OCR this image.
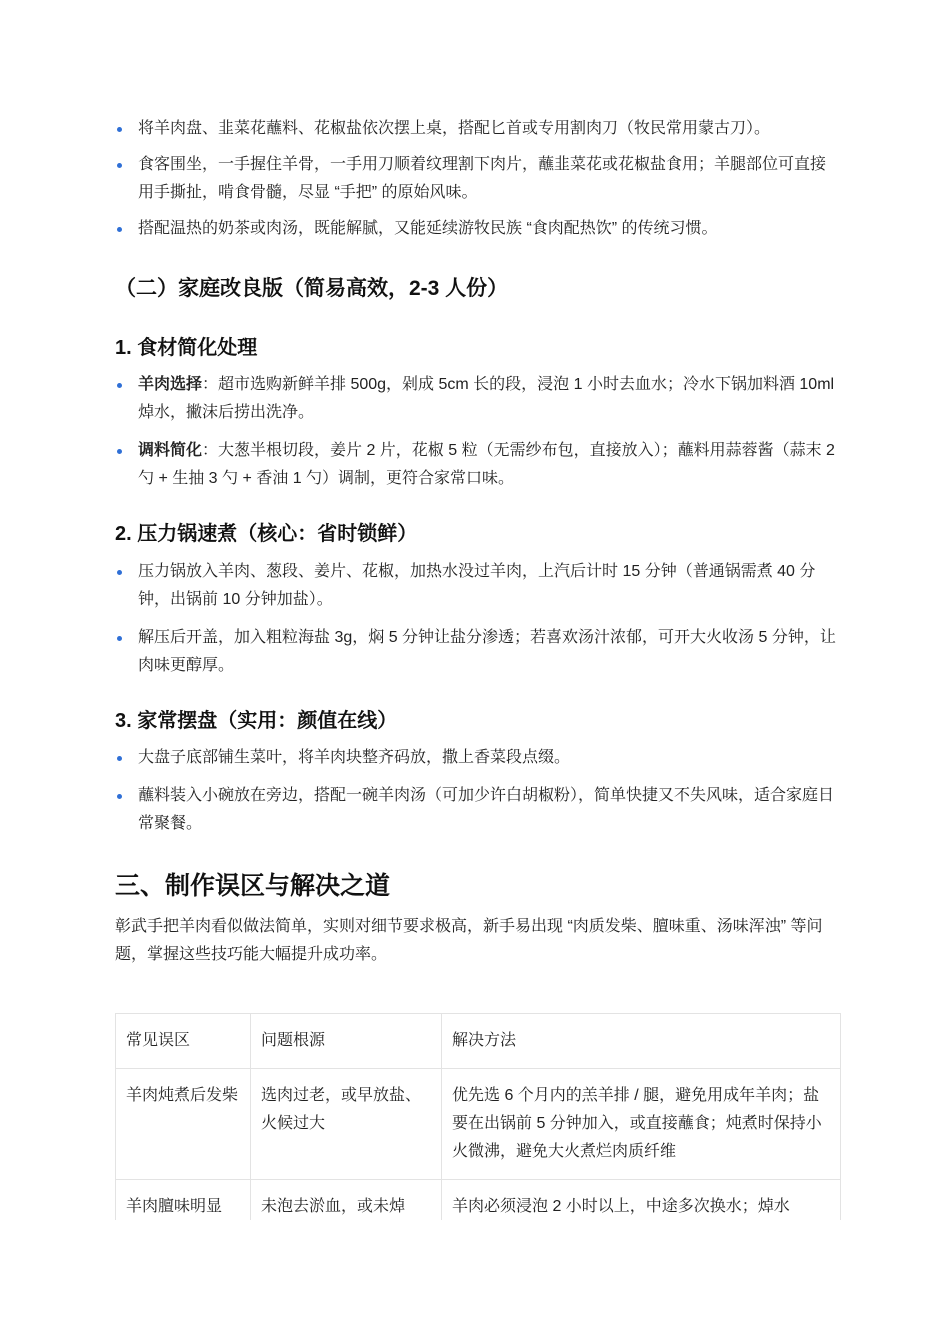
将羊肉盘、韭菜花蘸料、花椒盐依次摆上桌，搭配匕首或专用割肉刀（牧民常用蒙古刀）。
食客围坐，一手握住羊骨，一手用刀顺着纹理割下肉片，蘸韭菜花或花椒盐食用；羊腿部位可直接用手撕扯，啃食骨髓，尽显 “手把” 的原始风味。
搭配温热的奶茶或肉汤，既能解腻，又能延续游牧民族 “食肉配热饮” 的传统习惯。
（二）家庭改良版（简易高效，2-3 人份）
1. 食材简化处理
羊肉选择：超市选购新鲜羊排 500g，剁成 5cm 长的段，浸泡 1 小时去血水；冷水下锅加料酒 10ml 焯水，撇沫后捞出洗净。
调料简化：大葱半根切段，姜片 2 片，花椒 5 粒（无需纱布包，直接放入）；蘸料用蒜蓉酱（蒜末 2 勺 + 生抽 3 勺 + 香油 1 勺）调制，更符合家常口味。
2. 压力锅速煮（核心：省时锁鲜）
压力锅放入羊肉、葱段、姜片、花椒，加热水没过羊肉，上汽后计时 15 分钟（普通锅需煮 40 分钟，出锅前 10 分钟加盐）。
解压后开盖，加入粗粒海盐 3g，焖 5 分钟让盐分渗透；若喜欢汤汁浓郁，可开大火收汤 5 分钟，让肉味更醇厚。
3. 家常摆盘（实用：颜值在线）
大盘子底部铺生菜叶，将羊肉块整齐码放，撒上香菜段点缀。
蘸料装入小碗放在旁边，搭配一碗羊肉汤（可加少许白胡椒粉），简单快捷又不失风味，适合家庭日常聚餐。
三、制作误区与解决之道

彰武手把羊肉看似做法简单，实则对细节要求极高，新手易出现 “肉质发柴、膻味重、汤味浑浊” 等问题，掌握这些技巧能大幅提升成功率。

常见误区	问题根源	解决方法
羊肉炖煮后发柴	选肉过老，或早放盐、火候过大	优先选 6 个月内的羔羊排 / 腿，避免用成年羊肉；盐要在出锅前 5 分钟加入，或直接蘸食；炖煮时保持小火微沸，避免大火煮烂肉质纤维
羊肉膻味明显	未泡去淤血，或未焯	羊肉必须浸泡 2 小时以上，中途多次换水；焯水
